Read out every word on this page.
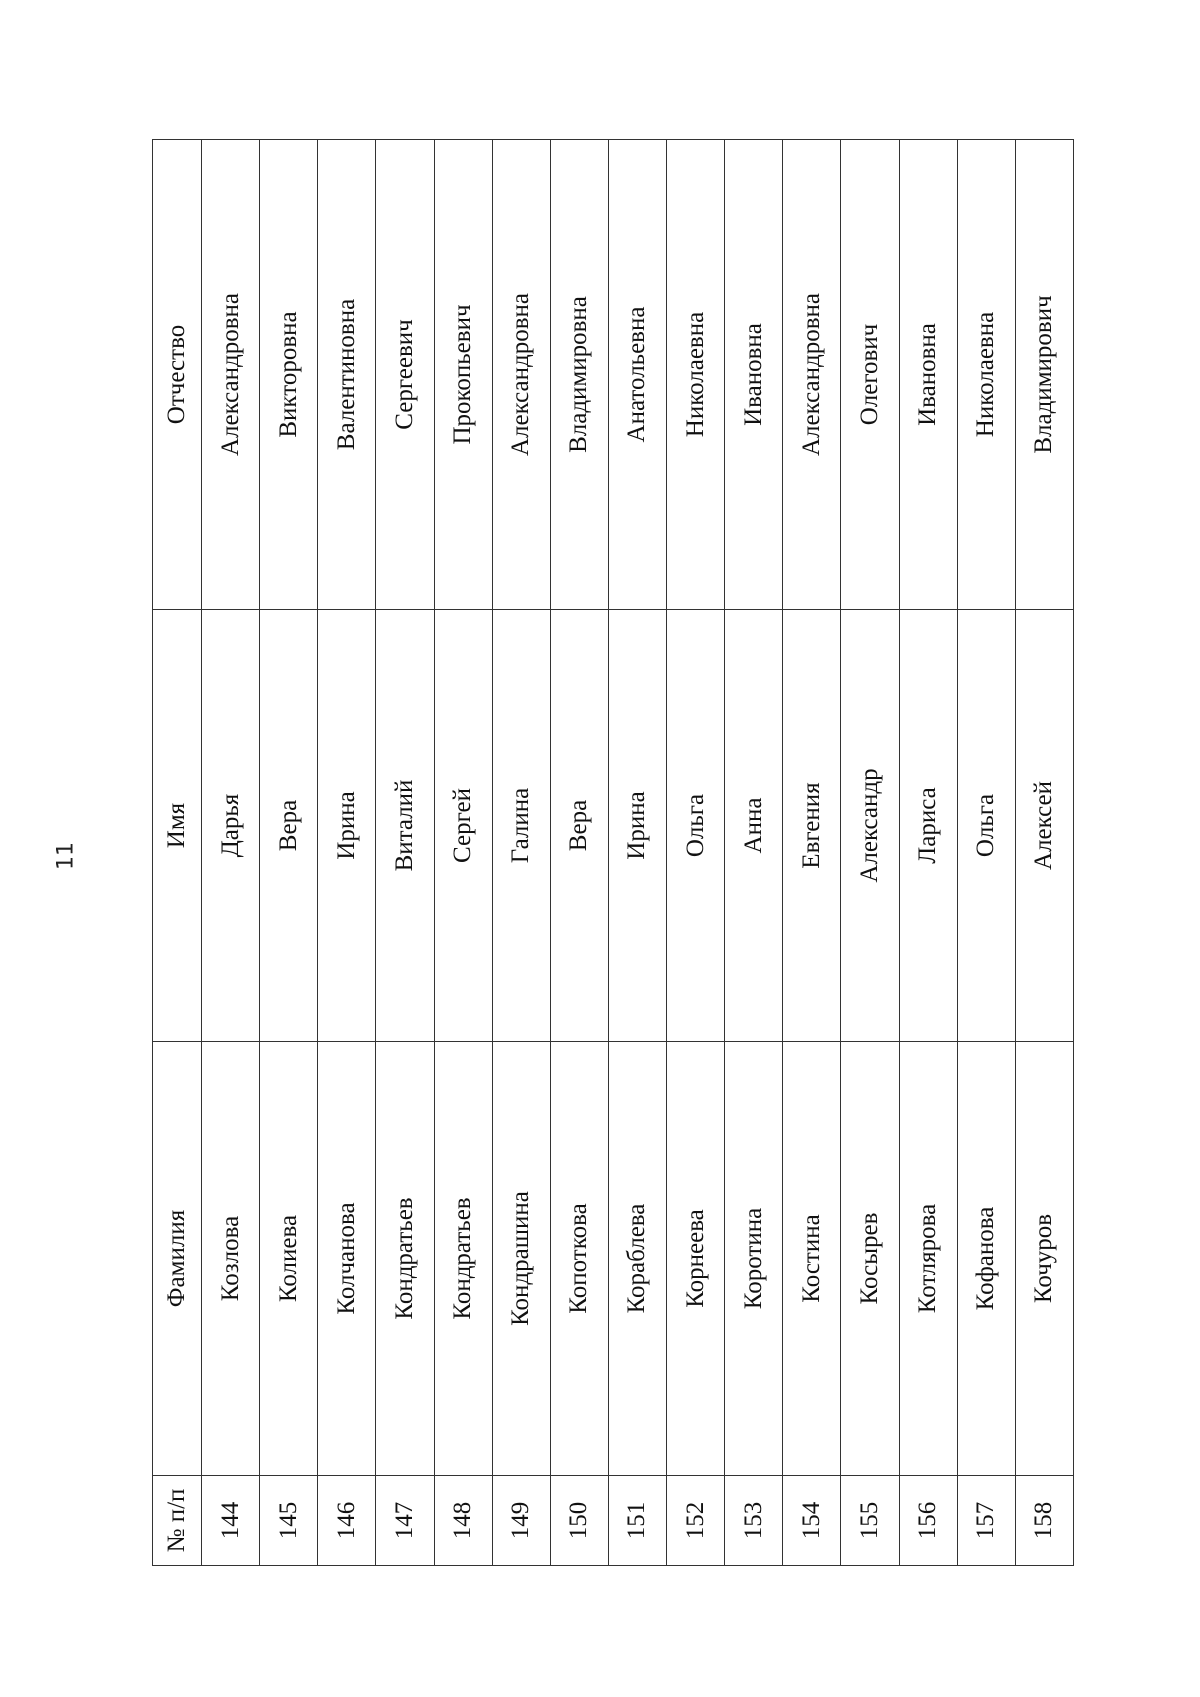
11
№ п/п	Фамилия	Имя	Отчество
144	Козлова	Дарья	Александровна
145	Колиева	Вера	Викторовна
146	Колчанова	Ирина	Валентиновна
147	Кондратьев	Виталий	Сергеевич
148	Кондратьев	Сергей	Прокопьевич
149	Кондрашина	Галина	Александровна
150	Копоткова	Вера	Владимировна
151	Кораблева	Ирина	Анатольевна
152	Корнеева	Ольга	Николаевна
153	Коротина	Анна	Ивановна
154	Костина	Евгения	Александровна
155	Косырев	Александр	Олегович
156	Котлярова	Лариса	Ивановна
157	Кофанова	Ольга	Николаевна
158	Кочуров	Алексей	Владимирович
